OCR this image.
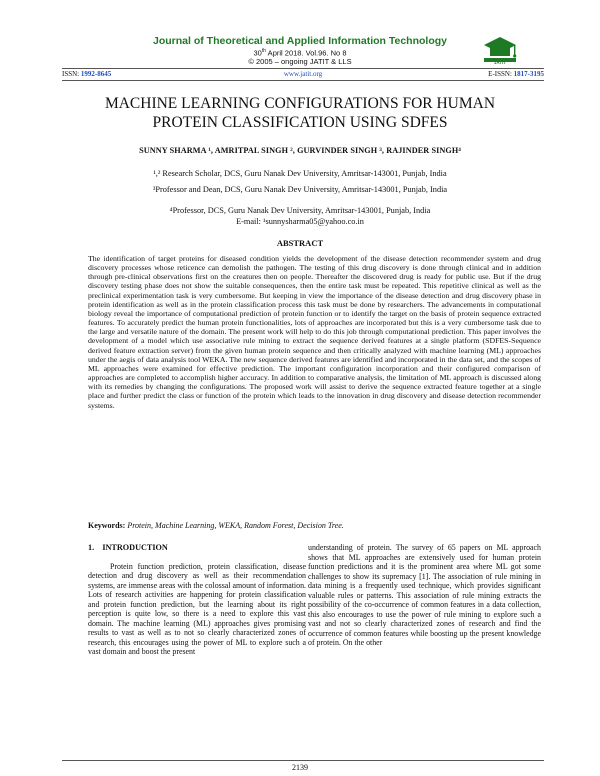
Journal of Theoretical and Applied Information Technology
30th April 2018. Vol.96. No 8
© 2005 – ongoing JATIT & LLS	JATIT
ISSN: 1992-8645	www.jatit.org	E-ISSN: 1817-3195
MACHINE LEARNING CONFIGURATIONS FOR HUMAN
PROTEIN CLASSIFICATION USING SDFES
SUNNY SHARMA ¹, AMRITPAL SINGH ², GURVINDER SINGH ³, RAJINDER SINGH⁴
¹,² Research Scholar, DCS, Guru Nanak Dev University, Amritsar-143001, Punjab, India
³Professor and Dean, DCS, Guru Nanak Dev University, Amritsar-143001, Punjab, India
⁴Professor, DCS, Guru Nanak Dev University, Amritsar-143001, Punjab, India
E-mail: ¹sunnysharma05@yahoo.co.in
ABSTRACT
The identification of target proteins for diseased condition yields the development of the disease detection recommender system and drug discovery processes whose reticence can demolish the pathogen. The testing of this drug discovery is done through clinical and in addition through pre-clinical observations first on the creatures then on people. Thereafter the discovered drug is ready for public use. But if the drug discovery testing phase does not show the suitable consequences, then the entire task must be repeated. This repetitive clinical as well as the preclinical experimentation task is very cumbersome. But keeping in view the importance of the disease detection and drug discovery phase in protein identification as well as in the protein classification process this task must be done by researchers. The advancements in computational biology reveal the importance of computational prediction of protein function or to identify the target on the basis of protein sequence extracted features. To accurately predict the human protein functionalities, lots of approaches are incorporated but this is a very cumbersome task due to the large and versatile nature of the domain. The present work will help to do this job through computational prediction. This paper involves the development of a model which use associative rule mining to extract the sequence derived features at a single platform (SDFES-Sequence derived feature extraction server) from the given human protein sequence and then critically analyzed with machine learning (ML) approaches under the aegis of data analysis tool WEKA. The new sequence derived features are identified and incorporated in the data set, and the scopes of ML approaches were examined for effective prediction. The important configuration incorporation and their configured comparison of approaches are completed to accomplish higher accuracy. In addition to comparative analysis, the limitation of ML approach is discussed along with its remedies by changing the configurations. The proposed work will assist to derive the sequence extracted feature together at a single place and further predict the class or function of the protein which leads to the innovation in drug discovery and disease detection recommender systems.
Keywords: Protein, Machine Learning, WEKA, Random Forest, Decision Tree.
1.    INTRODUCTION
Protein function prediction, protein classification, disease detection and drug discovery as well as their recommendation systems, are immense areas with the colossal amount of information. Lots of research activities are happening for protein classification and protein function prediction, but the learning about its right perception is quite low, so there is a need to explore this vast domain. The machine learning (ML) approaches gives promising results to vast as well as to not so clearly characterized zones of research, this encourages using the power of ML to explore such a vast domain and boost the present
understanding of protein. The survey of 65 papers on ML approach shows that ML approaches are extensively used for human protein function predictions and it is the prominent area where ML got some challenges to show its supremacy [1]. The association of rule mining in data mining is a frequently used technique, which provides significant valuable rules or patterns. This association of rule mining extracts the possibility of the co-occurrence of common features in a data collection, this also encourages to use the power of rule mining to explore such a vast and not so clearly characterized zones of research and find the occurrence of common features while boosting up the present knowledge of protein. On the other
2139
